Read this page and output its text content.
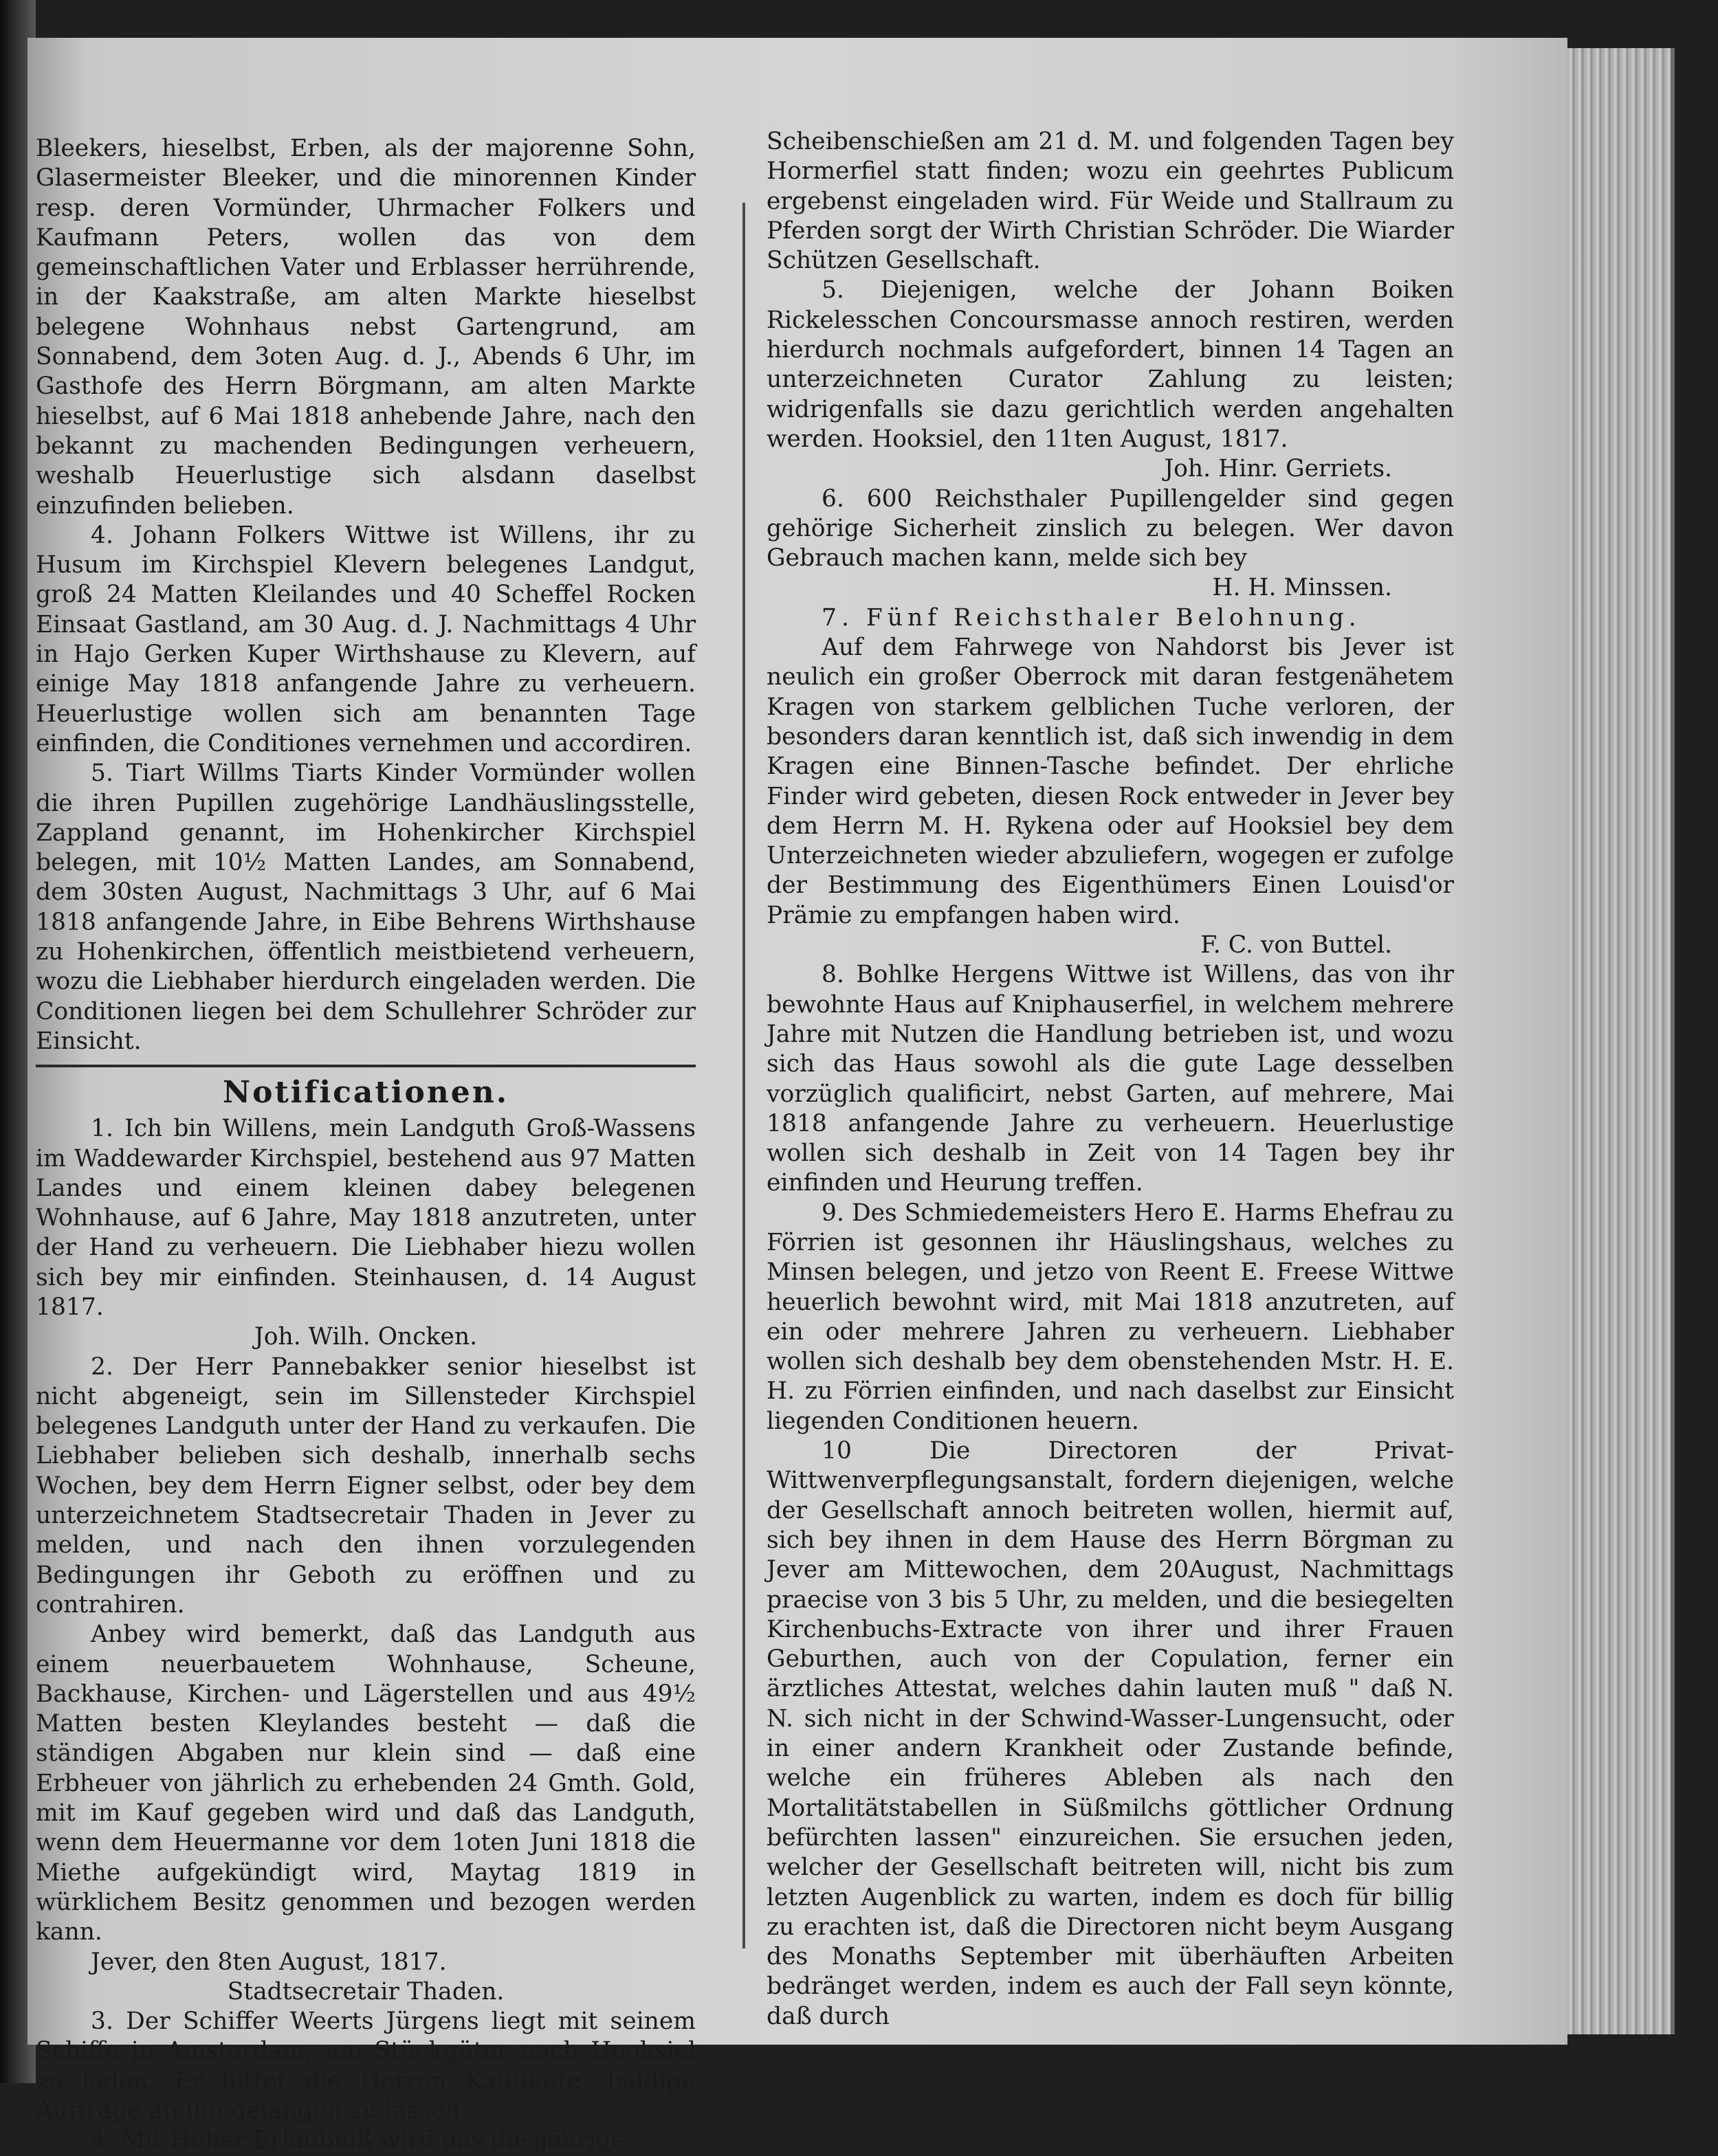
Bleekers, hieselbst, Erben, als der majorenne Sohn, Glasermeister Bleeker, und die minorennen Kinder resp. deren Vormünder, Uhrmacher Folkers und Kaufmann Peters, wollen das von dem gemeinschaftlichen Vater und Erblasser herrührende, in der Kaakstraße, am alten Markte hieselbst belegene Wohnhaus nebst Gartengrund, am Sonnabend, dem 3oten Aug. d. J., Abends 6 Uhr, im Gasthofe des Herrn Börgmann, am alten Markte hieselbst, auf 6 Mai 1818 anhebende Jahre, nach den bekannt zu machenden Bedingungen verheuern, weshalb Heuerlustige sich alsdann daselbst einzufinden belieben.

4. Johann Folkers Wittwe ist Willens, ihr zu Husum im Kirchspiel Klevern belegenes Landgut, groß 24 Matten Kleilandes und 40 Scheffel Rocken Einsaat Gastland, am 30 Aug. d. J. Nachmittags 4 Uhr in Hajo Gerken Kuper Wirthshause zu Klevern, auf einige May 1818 anfangende Jahre zu verheuern. Heuerlustige wollen sich am benannten Tage einfinden, die Conditiones vernehmen und accordiren.

5. Tiart Willms Tiarts Kinder Vormünder wollen die ihren Pupillen zugehörige Landhäuslingsstelle, Zappland genannt, im Hohenkircher Kirchspiel belegen, mit 10½ Matten Landes, am Sonnabend, dem 30sten August, Nachmittags 3 Uhr, auf 6 Mai 1818 anfangende Jahre, in Eibe Behrens Wirthshause zu Hohenkirchen, öffentlich meistbietend verheuern, wozu die Liebhaber hierdurch eingeladen werden. Die Conditionen liegen bei dem Schullehrer Schröder zur Einsicht.

Notificationen.

1. Ich bin Willens, mein Landguth Groß-Wassens im Waddewarder Kirchspiel, bestehend aus 97 Matten Landes und einem kleinen dabey belegenen Wohnhause, auf 6 Jahre, May 1818 anzutreten, unter der Hand zu verheuern. Die Liebhaber hiezu wollen sich bey mir einfinden. Steinhausen, d. 14 August 1817.

Joh. Wilh. Oncken.

2. Der Herr Pannebakker senior hieselbst ist nicht abgeneigt, sein im Sillensteder Kirchspiel belegenes Landguth unter der Hand zu verkaufen. Die Liebhaber belieben sich deshalb, innerhalb sechs Wochen, bey dem Herrn Eigner selbst, oder bey dem unterzeichnetem Stadtsecretair Thaden in Jever zu melden, und nach den ihnen vorzulegenden Bedingungen ihr Geboth zu eröffnen und zu contrahiren.

Anbey wird bemerkt, daß das Landguth aus einem neuerbauetem Wohnhause, Scheune, Backhause, Kirchen- und Lägerstellen und aus 49½ Matten besten Kleylandes besteht — daß die ständigen Abgaben nur klein sind — daß eine Erbheuer von jährlich zu erhebenden 24 Gmth. Gold, mit im Kauf gegeben wird und daß das Landguth, wenn dem Heuermanne vor dem 1oten Juni 1818 die Miethe aufgekündigt wird, Maytag 1819 in würklichem Besitz genommen und bezogen werden kann.

Jever, den 8ten August, 1817.

Stadtsecretair Thaden.

3. Der Schiffer Weerts Jürgens liegt mit seinem Schiffe in Amsterdam, um Stückgüter nach Hooksiel zu laden. Er bittet die Herren Kaufleute, baldige Aufträge an ihn gelangen zu lassen.

4. Mit Hoher Erlaubniß wird das diesjährige

Scheibenschießen am 21 d. M. und folgenden Tagen bey Hormerfiel statt finden; wozu ein geehrtes Publicum ergebenst eingeladen wird. Für Weide und Stallraum zu Pferden sorgt der Wirth Christian Schröder. Die Wiarder Schützen Gesellschaft.

5. Diejenigen, welche der Johann Boiken Rickelesschen Concoursmasse annoch restiren, werden hierdurch nochmals aufgefordert, binnen 14 Tagen an unterzeichneten Curator Zahlung zu leisten; widrigenfalls sie dazu gerichtlich werden angehalten werden. Hooksiel, den 11ten August, 1817.

Joh. Hinr. Gerriets.

6. 600 Reichsthaler Pupillengelder sind gegen gehörige Sicherheit zinslich zu belegen. Wer davon Gebrauch machen kann, melde sich bey

H. H. Minssen.

7. Fünf Reichsthaler Belohnung.

Auf dem Fahrwege von Nahdorst bis Jever ist neulich ein großer Oberrock mit daran festgenähetem Kragen von starkem gelblichen Tuche verloren, der besonders daran kenntlich ist, daß sich inwendig in dem Kragen eine Binnen-Tasche befindet. Der ehrliche Finder wird gebeten, diesen Rock entweder in Jever bey dem Herrn M. H. Rykena oder auf Hooksiel bey dem Unterzeichneten wieder abzuliefern, wogegen er zufolge der Bestimmung des Eigenthümers Einen Louisd'or Prämie zu empfangen haben wird.

F. C. von Buttel.

8. Bohlke Hergens Wittwe ist Willens, das von ihr bewohnte Haus auf Kniphauserfiel, in welchem mehrere Jahre mit Nutzen die Handlung betrieben ist, und wozu sich das Haus sowohl als die gute Lage desselben vorzüglich qualificirt, nebst Garten, auf mehrere, Mai 1818 anfangende Jahre zu verheuern. Heuerlustige wollen sich deshalb in Zeit von 14 Tagen bey ihr einfinden und Heurung treffen.

9. Des Schmiedemeisters Hero E. Harms Ehefrau zu Förrien ist gesonnen ihr Häuslingshaus, welches zu Minsen belegen, und jetzo von Reent E. Freese Wittwe heuerlich bewohnt wird, mit Mai 1818 anzutreten, auf ein oder mehrere Jahren zu verheuern. Liebhaber wollen sich deshalb bey dem obenstehenden Mstr. H. E. H. zu Förrien einfinden, und nach daselbst zur Einsicht liegenden Conditionen heuern.

10 Die Directoren der Privat-Wittwenverpflegungsanstalt, fordern diejenigen, welche der Gesellschaft annoch beitreten wollen, hiermit auf, sich bey ihnen in dem Hause des Herrn Börgman zu Jever am Mittewochen, dem 20August, Nachmittags praecise von 3 bis 5 Uhr, zu melden, und die besiegelten Kirchenbuchs-Extracte von ihrer und ihrer Frauen Geburthen, auch von der Copulation, ferner ein ärztliches Attestat, welches dahin lauten muß " daß N. N. sich nicht in der Schwind-Wasser-Lungensucht, oder in einer andern Krankheit oder Zustande befinde, welche ein früheres Ableben als nach den Mortalitätstabellen in Süßmilchs göttlicher Ordnung befürchten lassen" einzureichen. Sie ersuchen jeden, welcher der Gesellschaft beitreten will, nicht bis zum letzten Augenblick zu warten, indem es doch für billig zu erachten ist, daß die Directoren nicht beym Ausgang des Monaths September mit überhäuften Arbeiten bedränget werden, indem es auch der Fall seyn könnte, daß durch
